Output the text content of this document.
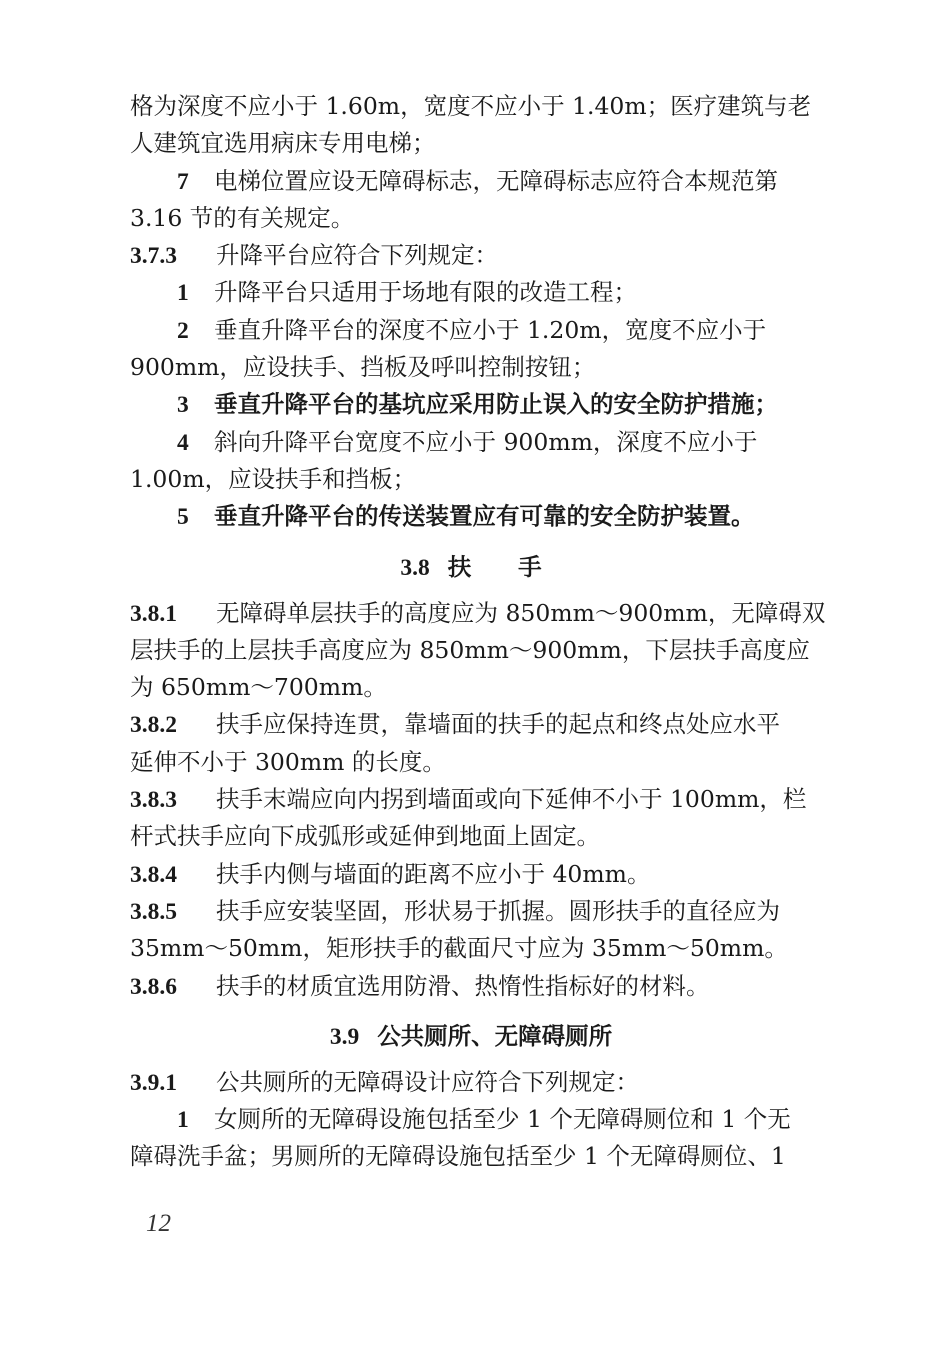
格为深度不应小于 1.60m，宽度不应小于 1.40m；医疗建筑与老
人建筑宜选用病床专用电梯；
7 电梯位置应设无障碍标志，无障碍标志应符合本规范第
3.16 节的有关规定。
3.7.3 升降平台应符合下列规定：
1 升降平台只适用于场地有限的改造工程；
2 垂直升降平台的深度不应小于 1.20m，宽度不应小于
900mm，应设扶手、挡板及呼叫控制按钮；
3 垂直升降平台的基坑应采用防止误入的安全防护措施；
4 斜向升降平台宽度不应小于 900mm，深度不应小于
1.00m，应设扶手和挡板；
5 垂直升降平台的传送装置应有可靠的安全防护装置。
3.8 扶　　手
3.8.1 无障碍单层扶手的高度应为 850mm～900mm，无障碍双
层扶手的上层扶手高度应为 850mm～900mm，下层扶手高度应
为 650mm～700mm。
3.8.2 扶手应保持连贯，靠墙面的扶手的起点和终点处应水平
延伸不小于 300mm 的长度。
3.8.3 扶手末端应向内拐到墙面或向下延伸不小于 100mm，栏
杆式扶手应向下成弧形或延伸到地面上固定。
3.8.4 扶手内侧与墙面的距离不应小于 40mm。
3.8.5 扶手应安装坚固，形状易于抓握。圆形扶手的直径应为
35mm～50mm，矩形扶手的截面尺寸应为 35mm～50mm。
3.8.6 扶手的材质宜选用防滑、热惰性指标好的材料。
3.9 公共厕所、无障碍厕所
3.9.1 公共厕所的无障碍设计应符合下列规定：
1 女厕所的无障碍设施包括至少 1 个无障碍厕位和 1 个无
障碍洗手盆；男厕所的无障碍设施包括至少 1 个无障碍厕位、1
12
